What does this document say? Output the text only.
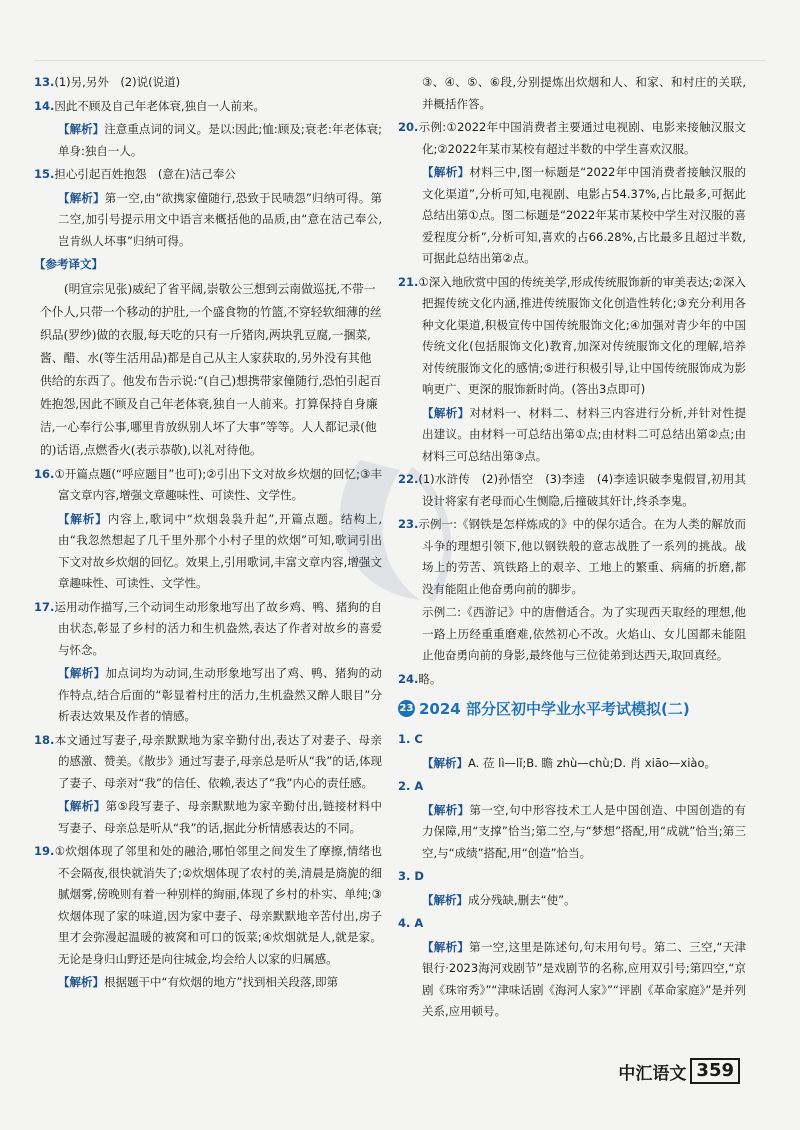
13.(1)另,另外　(2)说(说道)

14.因此不顾及自己年老体衰,独自一人前来。

【解析】注意重点词的词义。是以:因此;恤:顾及;衰老:年老体衰;单身:独自一人。

15.担心引起百姓抱怨　(意在)洁己奉公

【解析】第一空,由“欲携家僮随行,恐致于民啧怨”归纳可得。第二空,加引号提示用文中语言来概括他的品质,由“意在洁己奉公,岂肯纵人坏事”归纳可得。

【参考译文】

(明宣宗见张)威纪了省平阔,崇敬公三想到云南做巡抚,不带一个仆人,只带一个移动的护肚,一个盛食物的竹篮,不穿轻软细薄的丝织品(罗纱)做的衣服,每天吃的只有一斤猪肉,两块乳豆腐,一捆菜,酱、醋、水(等生活用品)都是自己从主人家获取的,另外没有其他供给的东西了。他发布告示说:“(自己)想携带家僮随行,恐怕引起百姓抱怨,因此不顾及自己年老体衰,独自一人前来。打算保持自身廉洁,一心奉行公事,哪里肯放纵别人坏了大事”等等。人人都记录(他的)话语,点燃香火(表示恭敬),以礼对待他。

16.①开篇点题(“呼应题目”也可);②引出下文对故乡炊烟的回忆;③丰富文章内容,增强文章趣味性、可读性、文学性。

【解析】内容上,歌词中“炊烟袅袅升起”,开篇点题。结构上,由“我忽然想起了几千里外那个小村子里的炊烟”可知,歌词引出下文对故乡炊烟的回忆。效果上,引用歌词,丰富文章内容,增强文章趣味性、可读性、文学性。

17.运用动作描写,三个动词生动形象地写出了故乡鸡、鸭、猪狗的自由状态,彰显了乡村的活力和生机盎然,表达了作者对故乡的喜爱与怀念。

【解析】加点词均为动词,生动形象地写出了鸡、鸭、猪狗的动作特点,结合后面的“彰显着村庄的活力,生机盎然又醉人眼目”分析表达效果及作者的情感。

18.本文通过写妻子,母亲默默地为家辛勤付出,表达了对妻子、母亲的感激、赞美。《散步》通过写妻子,母亲总是听从“我”的话,体现了妻子、母亲对“我”的信任、依赖,表达了“我”内心的责任感。

【解析】第⑤段写妻子、母亲默默地为家辛勤付出,链接材料中写妻子、母亲总是听从“我”的话,据此分析情感表达的不同。

19.①炊烟体现了邻里和处的融洽,哪怕邻里之间发生了摩擦,情绪也不会隔夜,很快就消失了;②炊烟体现了农村的美,清晨是旖旎的细腻烟雾,傍晚则有着一种别样的絢丽,体现了乡村的朴实、单纯;③炊烟体现了家的味道,因为家中妻子、母亲默默地辛苦付出,房子里才会弥漫起温暖的被窝和可口的饭菜;④炊烟就是人,就是家。无论是身归山野还是向往城金,均会给人以家的归属感。

【解析】根据题干中“有炊烟的地方”找到相关段落,即第

③、④、⑤、⑥段,分别提炼出炊烟和人、和家、和村庄的关联,并概括作答。

20.示例:①2022年中国消费者主要通过电视剧、电影来接触汉服文化;②2022年某市某校有超过半数的中学生喜欢汉服。

【解析】材料三中,图一标题是“2022年中国消费者接触汉服的文化渠道”,分析可知,电视剧、电影占54.37%,占比最多,可据此总结出第①点。图二标题是“2022年某市某校中学生对汉服的喜爱程度分析”,分析可知,喜欢的占66.28%,占比最多且超过半数,可据此总结出第②点。

21.①深入地欣赏中国的传统美学,形成传统服饰新的审美表达;②深入把握传统文化内涵,推进传统服饰文化创造性转化;③充分利用各种文化渠道,积极宣传中国传统服饰文化;④加强对青少年的中国传统文化(包括服饰文化)教育,加深对传统服饰文化的理解,培养对传统服饰文化的感情;⑤进行积极引导,让中国传统服饰成为影响更广、更深的服饰新时尚。(答出3点即可)

【解析】对材料一、材料二、材料三内容进行分析,并针对性提出建议。由材料一可总结出第①点;由材料二可总结出第②点;由材料三可总结出第③点。

22.(1)水浒传　(2)孙悟空　(3)李逵　(4)李逵识破李鬼假冒,初用其设计将家有老母而心生恻隐,后撞破其奸计,终杀李鬼。

23.示例一:《钢铁是怎样炼成的》中的保尔适合。在为人类的解放而斗争的理想引领下,他以钢铁般的意志战胜了一系列的挑战。战场上的劳苦、筑铁路上的艰辛、工地上的繁重、病痛的折磨,都没有能阻止他奋勇向前的脚步。

示例二:《西游记》中的唐僧适合。为了实现西天取经的理想,他一路上历经重重磨难,依然初心不改。火焰山、女儿国都未能阻止他奋勇向前的身影,最终他与三位徒弟到达西天,取回真经。

24.略。

23 2024 部分区初中学业水平考试模拟(二)

1. C

【解析】A. 莅 lì—lǐ;B. 瞻 zhù—chù;D. 肖 xiāo—xiào。

2. A

【解析】第一空,句中形容技术工人是中国创造、中国创造的有力保障,用“支撑”恰当;第二空,与“梦想”搭配,用“成就”恰当;第三空,与“成绩”搭配,用“创造”恰当。

3. D

【解析】成分残缺,删去“使”。

4. A

【解析】第一空,这里是陈述句,句末用句号。第二、三空,“天津银行·2023海河戏剧节”是戏剧节的名称,应用双引号;第四空,“京剧《珠帘秀》”“津味话剧《海河人家》”“评剧《革命家庭》”是并列关系,应用顿号。

中汇语文 359
